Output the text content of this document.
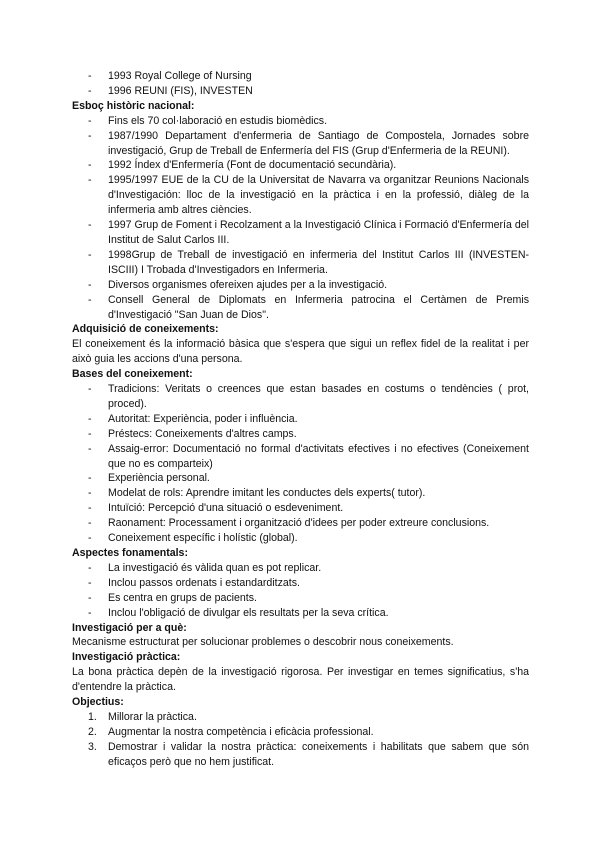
- 1993 Royal College of Nursing
- 1996 REUNI (FIS), INVESTEN
Esboç històric nacional:
- Fins els 70 col·laboració en estudis biomèdics.
- 1987/1990 Departament d'enfermeria de Santiago de Compostela, Jornades sobre investigació, Grup de Treball de Enfermería del FIS (Grup d'Enfermeria de la REUNI).
- 1992 Índex d'Enfermería (Font de documentació secundària).
- 1995/1997 EUE de la CU de la Universitat de Navarra va organitzar Reunions Nacionals d'Investigación: lloc de la investigació en la pràctica i en la professió, diàleg de la infermeria amb altres ciències.
- 1997 Grup de Foment i Recolzament a la Investigació Clínica i Formació d'Enfermería del Institut de Salut Carlos III.
- 1998Grup de Treball de investigació en infermeria del Institut Carlos III (INVESTEN-ISCIII) I Trobada d'Investigadors en Infermeria.
- Diversos organismes ofereixen ajudes per a la investigació.
- Consell General de Diplomats en Infermeria patrocina el Certàmen de Premis d'Investigació "San Juan de Dios".
Adquisició de coneixements:
El coneixement és la informació bàsica que s'espera que sigui un reflex fidel de la realitat i per això guia les accions d'una persona.
Bases del coneixement:
- Tradicions: Veritats o creences que estan basades en costums o tendències ( prot, proced).
- Autoritat: Experiència, poder i influència.
- Préstecs: Coneixements d'altres camps.
- Assaig-error: Documentació no formal d'activitats efectives i no efectives (Coneixement que no es comparteix)
- Experiència personal.
- Modelat de rols: Aprendre imitant les conductes dels experts( tutor).
- Intuïció: Percepció d'una situació o esdeveniment.
- Raonament: Processament i organització d'idees per poder extreure conclusions.
- Coneixement específic i holístic (global).
Aspectes fonamentals:
- La investigació és vàlida quan es pot replicar.
- Inclou passos ordenats i estandarditzats.
- Es centra en grups de pacients.
- Inclou l'obligació de divulgar els resultats per la seva crítica.
Investigació per a què:
Mecanisme estructurat per solucionar problemes o descobrir nous coneixements.
Investigació pràctica:
La bona pràctica depèn de la investigació rigorosa. Per investigar en temes significatius, s'ha d'entendre la pràctica.
Objectius:
1. Millorar la pràctica.
2. Augmentar la nostra competència i eficàcia professional.
3. Demostrar i validar la nostra pràctica: coneixements i habilitats que sabem que són eficaços però que no hem justificat.
